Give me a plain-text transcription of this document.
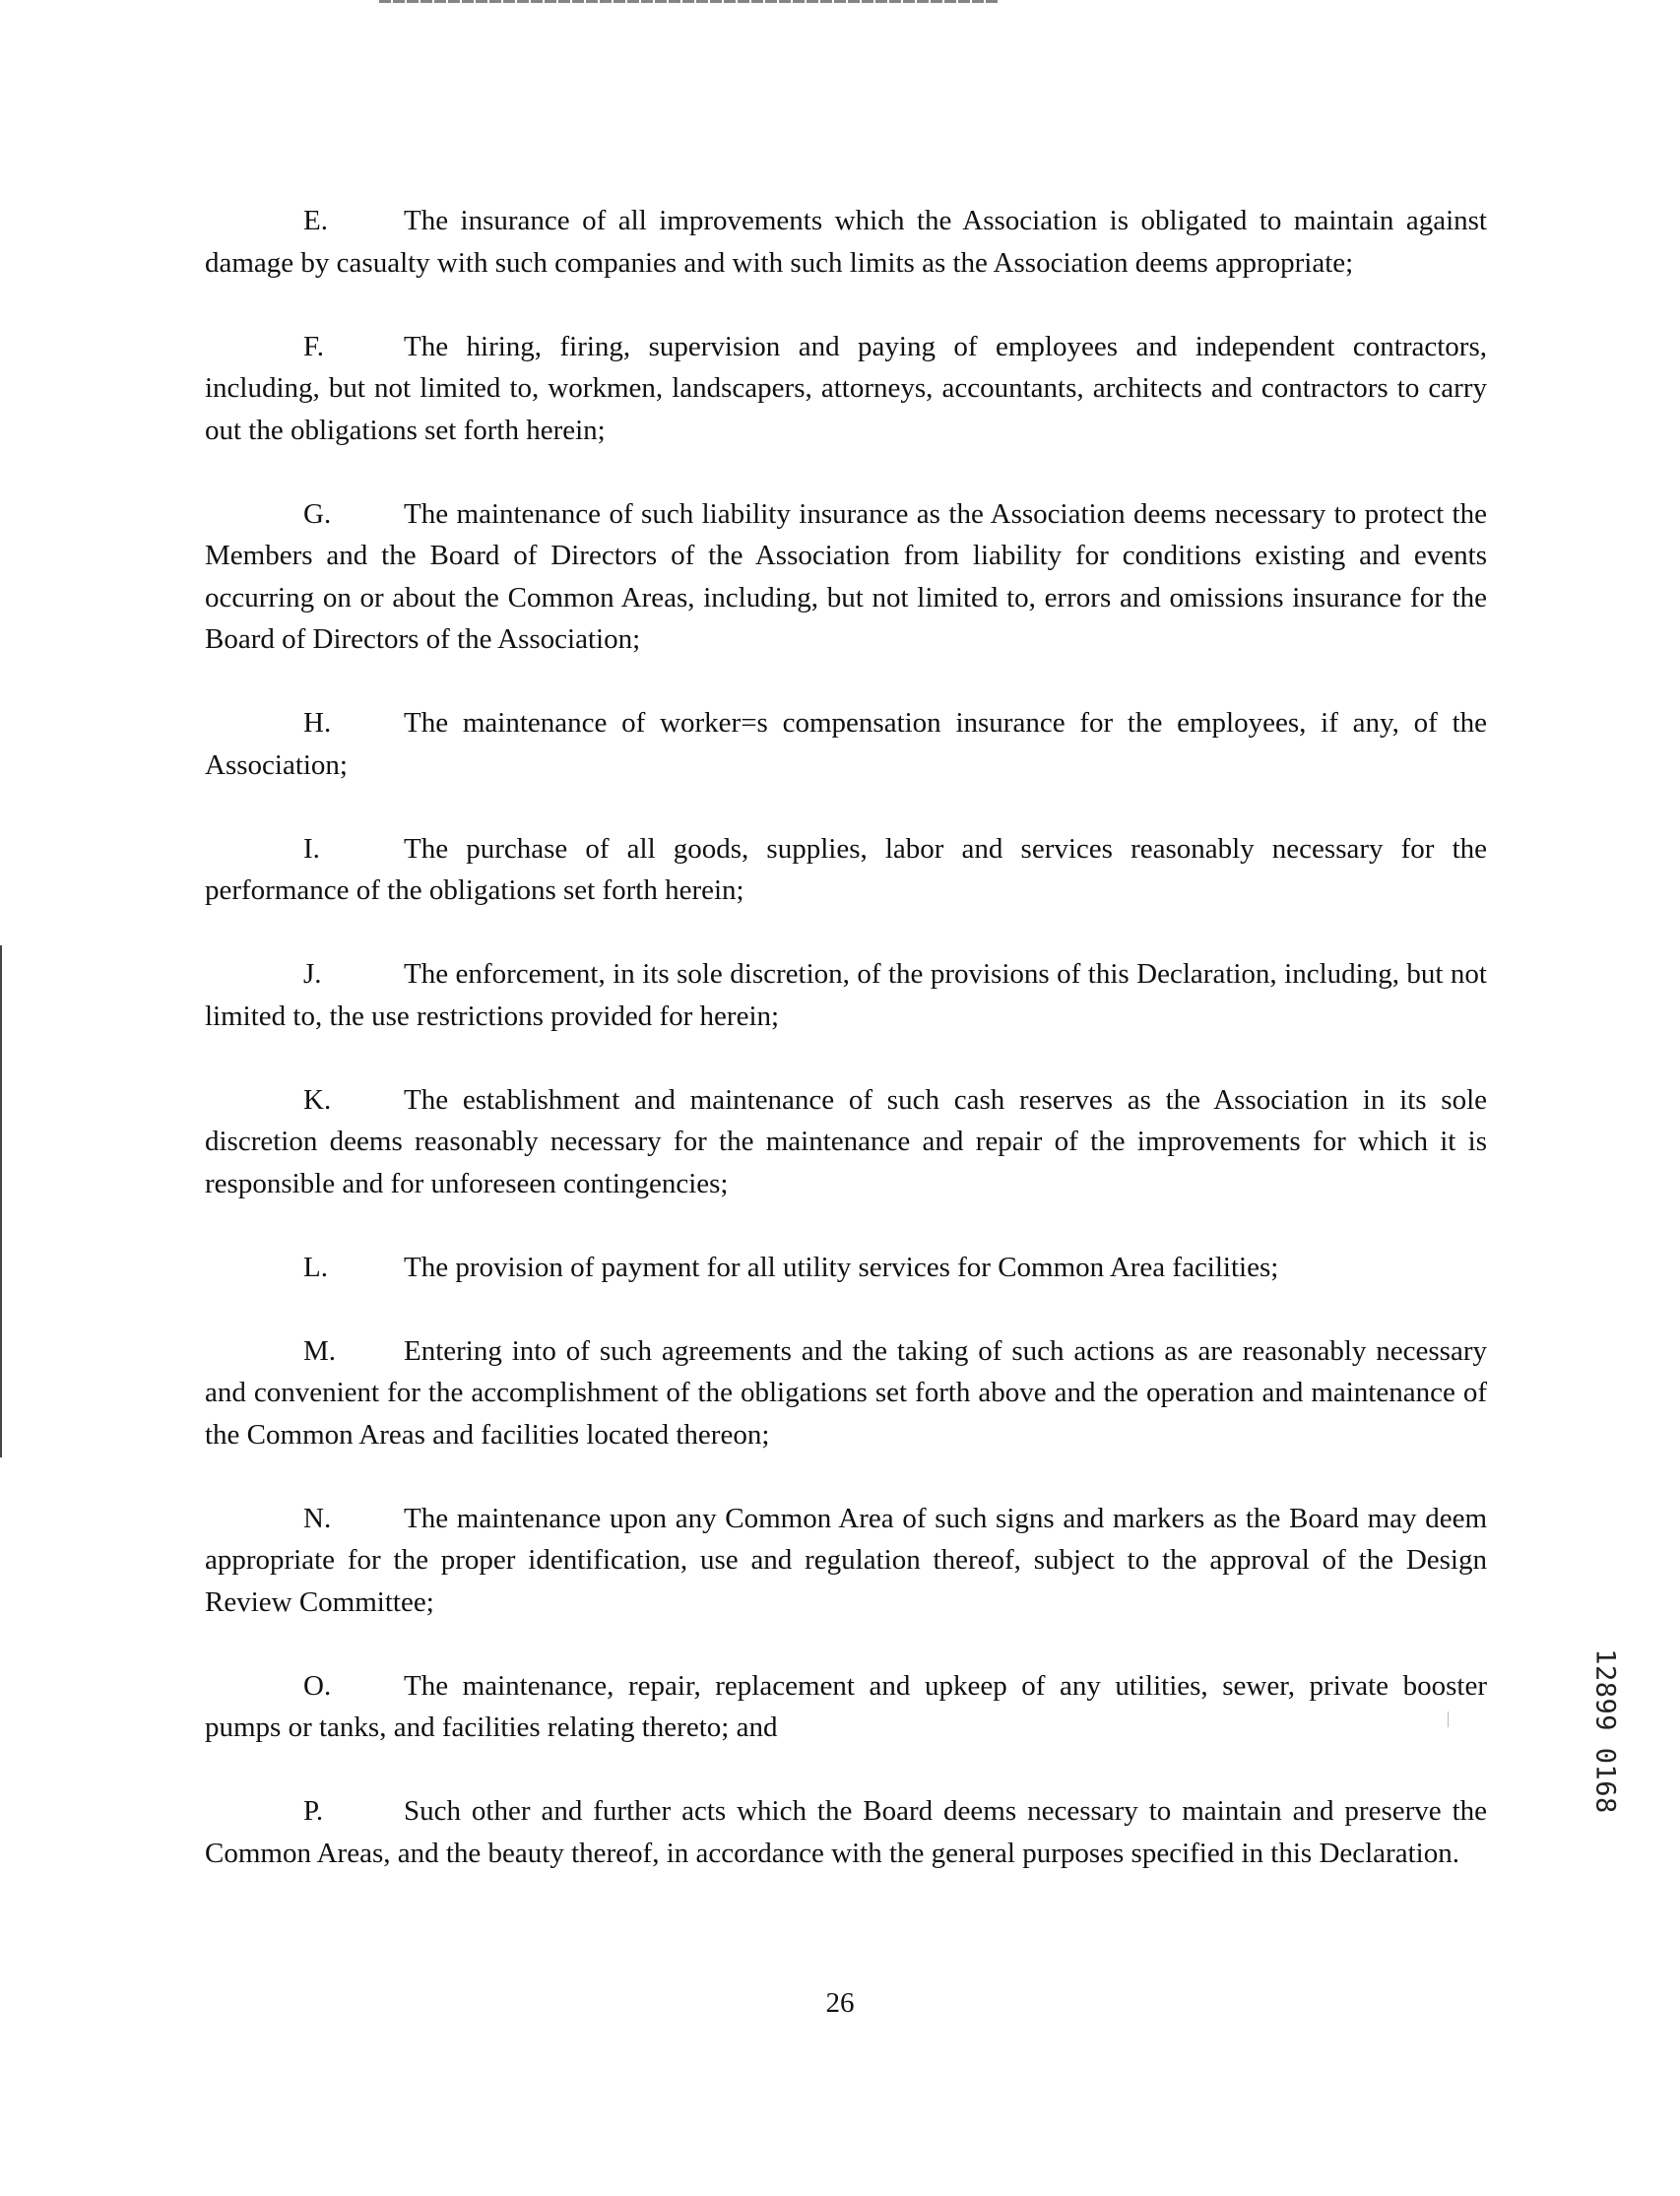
E.	The insurance of all improvements which the Association is obligated to maintain against damage by casualty with such companies and with such limits as the Association deems appropriate;

F.	The hiring, firing, supervision and paying of employees and independent contractors, including, but not limited to, workmen, landscapers, attorneys, accountants, architects and contractors to carry out the obligations set forth herein;

G.	The maintenance of such liability insurance as the Association deems necessary to protect the Members and the Board of Directors of the Association from liability for conditions existing and events occurring on or about the Common Areas, including, but not limited to, errors and omissions insurance for the Board of Directors of the Association;

H.	The maintenance of worker=s compensation insurance for the employees, if any, of the Association;

I.	The purchase of all goods, supplies, labor and services reasonably necessary for the performance of the obligations set forth herein;

J.	The enforcement, in its sole discretion, of the provisions of this Declaration, including, but not limited to, the use restrictions provided for herein;

K.	The establishment and maintenance of such cash reserves as the Association in its sole discretion deems reasonably necessary for the maintenance and repair of the improvements for which it is responsible and for unforeseen contingencies;

L.	The provision of payment for all utility services for Common Area facilities;

M. Entering into of such agreements and the taking of such actions as are reasonably necessary and convenient for the accomplishment of the obligations set forth above and the operation and maintenance of the Common Areas and facilities located thereon;

N.	The maintenance upon any Common Area of such signs and markers as the Board may deem appropriate for the proper identification, use and regulation thereof, subject to the approval of the Design Review Committee;

O.	The maintenance, repair, replacement and upkeep of any utilities, sewer, private booster pumps or tanks, and facilities relating thereto; and

P.	Such other and further acts which the Board deems necessary to maintain and preserve the Common Areas, and the beauty thereof, in accordance with the general purposes specified in this Declaration.

12899 0168
26
